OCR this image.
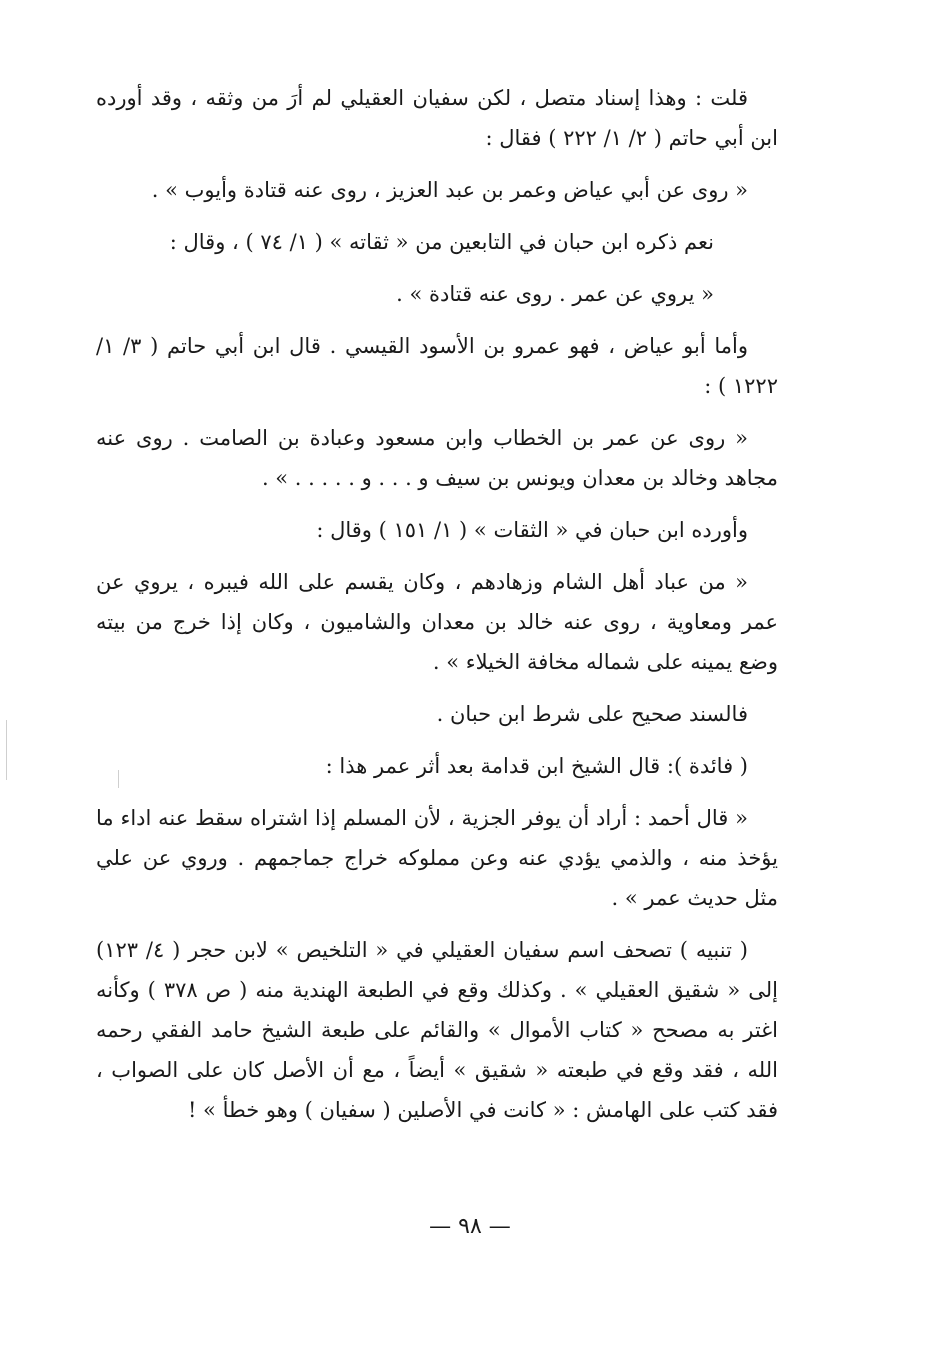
قلت : وهذا إسناد متصل ، لكن سفيان العقيلي لم أرَ من وثقه ، وقد أورده ابن أبي حاتم ( ٢/ ١/ ٢٢٢ ) فقال :

« روى عن أبي عياض وعمر بن عبد العزيز ، روى عنه قتادة وأيوب » .

نعم ذكره ابن حبان في التابعين من « ثقاته » ( ١/ ٧٤ ) ، وقال :

« يروي عن عمر . روى عنه قتادة » .

وأما أبو عياض ، فهو عمرو بن الأسود القيسي . قال ابن أبي حاتم ( ٣/ ١/ ١٢٢٢ ) :

« روى عن عمر بن الخطاب وابن مسعود وعبادة بن الصامت . روى عنه مجاهد وخالد بن معدان ويونس بن سيف و . . . و . . . . . » .

وأورده ابن حبان في « الثقات » ( ١/ ١٥١ ) وقال :

« من عباد أهل الشام وزهادهم ، وكان يقسم على الله فيبره ، يروي عن عمر ومعاوية ، روى عنه خالد بن معدان والشاميون ، وكان إذا خرج من بيته وضع يمينه على شماله مخافة الخيلاء » .

فالسند صحيح على شرط ابن حبان .

( فائدة ): قال الشيخ ابن قدامة بعد أثر عمر هذا :

« قال أحمد : أراد أن يوفر الجزية ، لأن المسلم إذا اشتراه سقط عنه اداء ما يؤخذ منه ، والذمي يؤدي عنه وعن مملوكه خراج جماجمهم . وروي عن علي مثل حديث عمر » .

( تنبيه ) تصحف اسم سفيان العقيلي في « التلخيص » لابن حجر ( ٤/ ١٢٣) إلى « شقيق العقيلي » . وكذلك وقع في الطبعة الهندية منه ( ص ٣٧٨ ) وكأنه اغتر به مصحح « كتاب الأموال » والقائم على طبعة الشيخ حامد الفقي رحمه الله ، فقد وقع في طبعته « شقيق » أيضاً ، مع أن الأصل كان على الصواب ، فقد كتب على الهامش : « كانت في الأصلين ( سفيان ) وهو خطأ » !

— ٩٨ —
